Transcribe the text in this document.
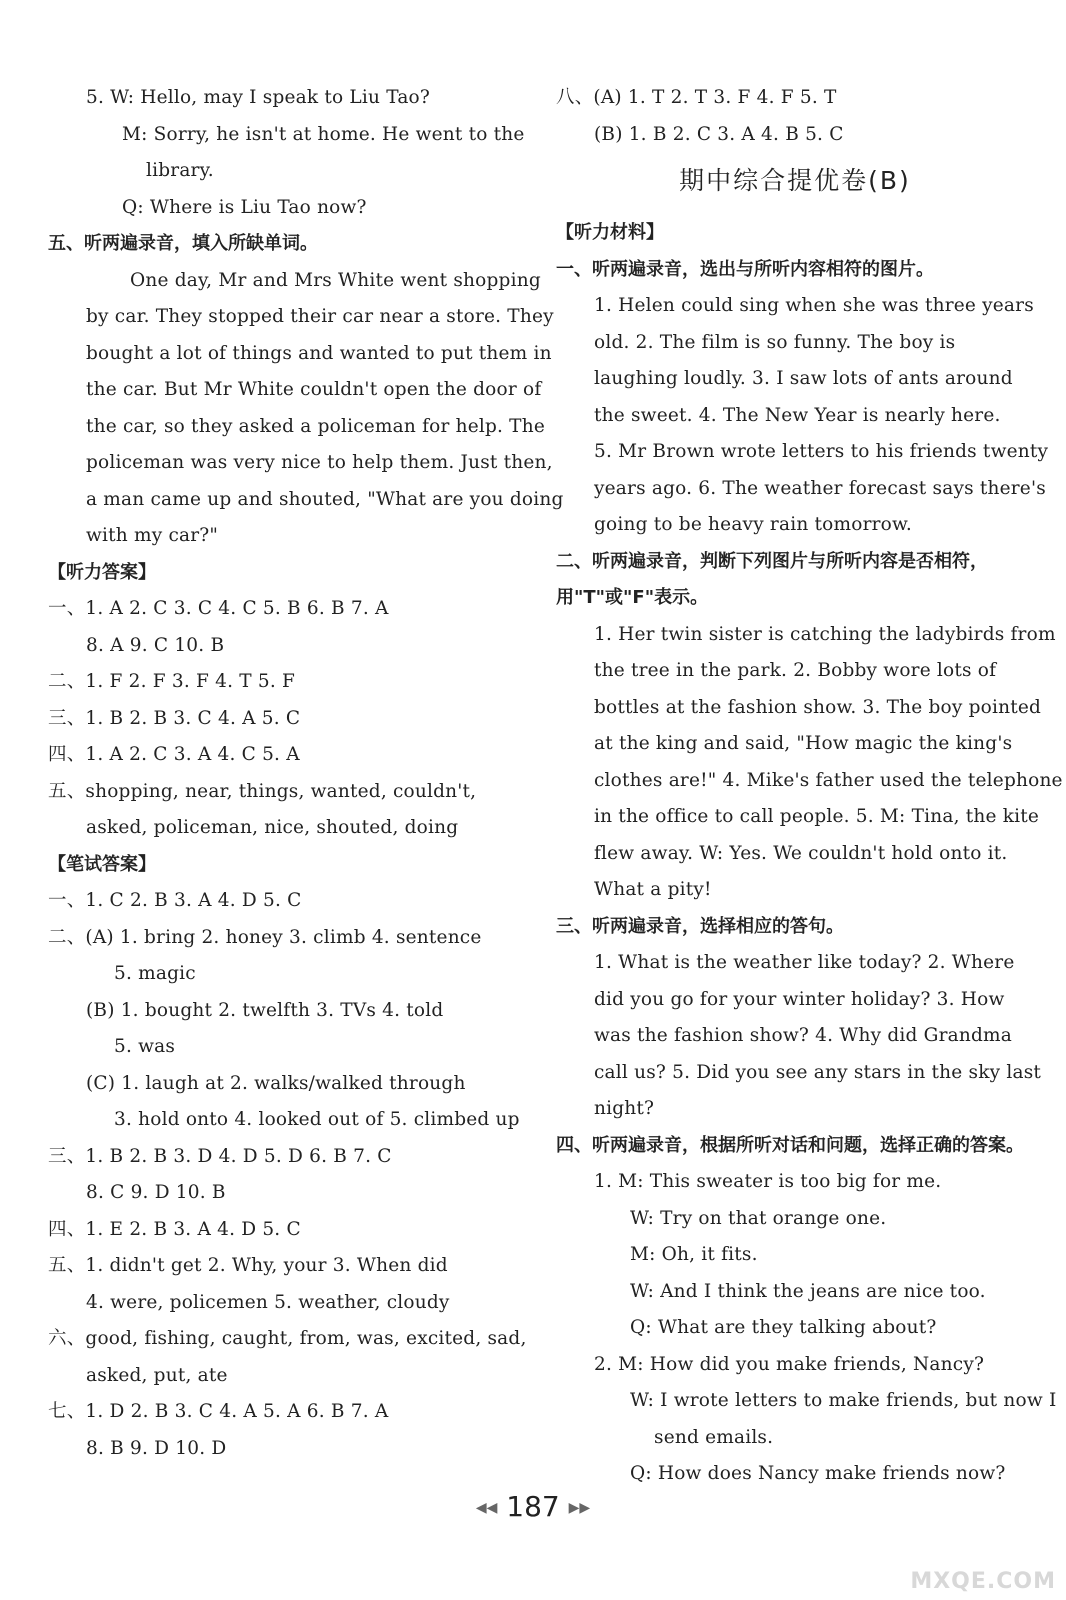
5. W: Hello, may I speak to Liu Tao?
M: Sorry, he isn't at home. He went to the
library.
Q: Where is Liu Tao now?
五、听两遍录音，填入所缺单词。
One day, Mr and Mrs White went shopping
by car. They stopped their car near a store. They
bought a lot of things and wanted to put them in
the car. But Mr White couldn't open the door of
the car, so they asked a policeman for help. The
policeman was very nice to help them. Just then,
a man came up and shouted, "What are you doing
with my car?"
【听力答案】
一、1. A 2. C 3. C 4. C 5. B 6. B 7. A
8. A 9. C 10. B
二、1. F 2. F 3. F 4. T 5. F
三、1. B 2. B 3. C 4. A 5. C
四、1. A 2. C 3. A 4. C 5. A
五、shopping, near, things, wanted, couldn't,
asked, policeman, nice, shouted, doing
【笔试答案】
一、1. C 2. B 3. A 4. D 5. C
二、(A) 1. bring 2. honey 3. climb 4. sentence
5. magic
(B) 1. bought 2. twelfth 3. TVs 4. told
5. was
(C) 1. laugh at 2. walks/walked through
3. hold onto 4. looked out of 5. climbed up
三、1. B 2. B 3. D 4. D 5. D 6. B 7. C
8. C 9. D 10. B
四、1. E 2. B 3. A 4. D 5. C
五、1. didn't get 2. Why, your 3. When did
4. were, policemen 5. weather, cloudy
六、good, fishing, caught, from, was, excited, sad,
asked, put, ate
七、1. D 2. B 3. C 4. A 5. A 6. B 7. A
8. B 9. D 10. D
八、(A) 1. T 2. T 3. F 4. F 5. T
(B) 1. B 2. C 3. A 4. B 5. C
期中综合提优卷(B)
【听力材料】
一、听两遍录音，选出与所听内容相符的图片。
1. Helen could sing when she was three years
old. 2. The film is so funny. The boy is
laughing loudly. 3. I saw lots of ants around
the sweet. 4. The New Year is nearly here.
5. Mr Brown wrote letters to his friends twenty
years ago. 6. The weather forecast says there's
going to be heavy rain tomorrow.
二、听两遍录音，判断下列图片与所听内容是否相符，
用"T"或"F"表示。
1. Her twin sister is catching the ladybirds from
the tree in the park. 2. Bobby wore lots of
bottles at the fashion show. 3. The boy pointed
at the king and said, "How magic the king's
clothes are!" 4. Mike's father used the telephone
in the office to call people. 5. M: Tina, the kite
flew away. W: Yes. We couldn't hold onto it.
What a pity!
三、听两遍录音，选择相应的答句。
1. What is the weather like today? 2. Where
did you go for your winter holiday? 3. How
was the fashion show? 4. Why did Grandma
call us? 5. Did you see any stars in the sky last
night?
四、听两遍录音，根据所听对话和问题，选择正确的答案。
1. M: This sweater is too big for me.
W: Try on that orange one.
M: Oh, it fits.
W: And I think the jeans are nice too.
Q: What are they talking about?
2. M: How did you make friends, Nancy?
W: I wrote letters to make friends, but now I
send emails.
Q: How does Nancy make friends now?
◀◀ 187 ▶▶
MXQE.COM
